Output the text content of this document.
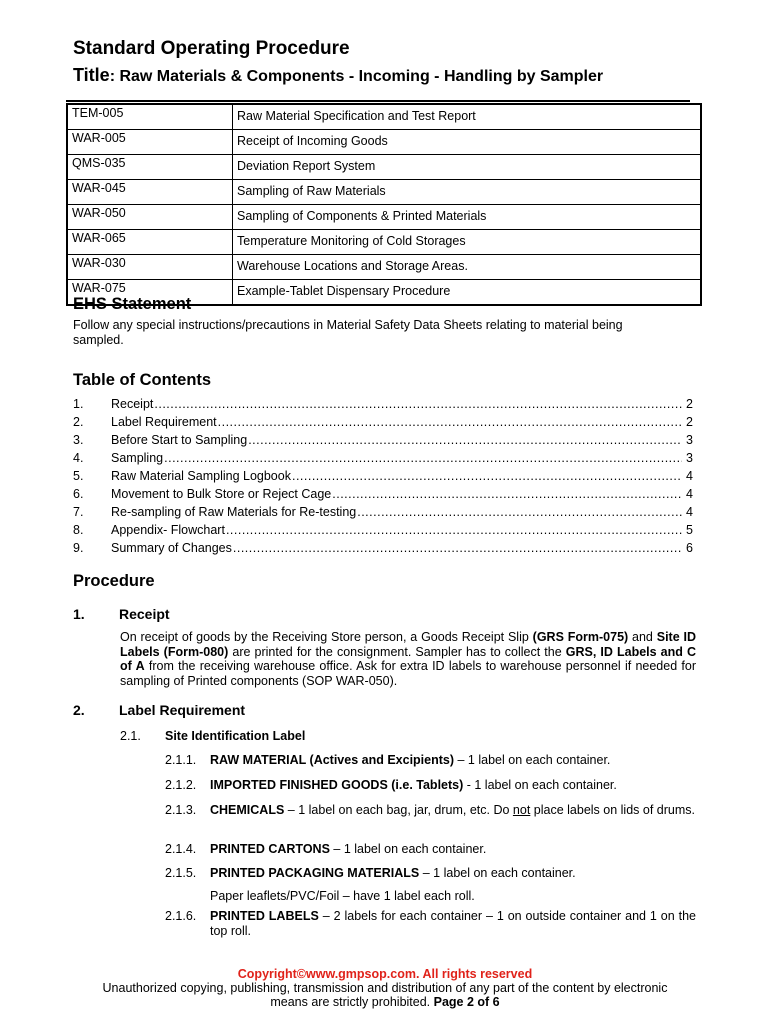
Standard Operating Procedure
Title: Raw Materials & Components - Incoming - Handling by Sampler
TEM-005	Raw Material Specification and Test Report
WAR-005	Receipt of Incoming Goods
QMS-035	Deviation Report System
WAR-045	Sampling of Raw Materials
WAR-050	Sampling of Components & Printed Materials
WAR-065	Temperature Monitoring of Cold Storages
WAR-030	Warehouse Locations and Storage Areas.
WAR-075	Example-Tablet Dispensary Procedure
EHS Statement
Follow any special instructions/precautions in Material Safety Data Sheets relating to material being sampled.
Table of Contents
1.	Receipt .....	2
2.	Label Requirement .....	2
3.	Before Start to Sampling .....	3
4.	Sampling .....	3
5.	Raw Material Sampling Logbook .....	4
6.	Movement to Bulk Store or Reject Cage .....	4
7.	Re-sampling of Raw Materials for Re-testing .....	4
8.	Appendix- Flowchart .....	5
9.	Summary of Changes .....	6
Procedure
1. Receipt
On receipt of goods by the Receiving Store person, a Goods Receipt Slip (GRS Form-075) and Site ID Labels (Form-080) are printed for the consignment. Sampler has to collect the GRS, ID Labels and C of A from the receiving warehouse office. Ask for extra ID labels to warehouse personnel if needed for sampling of Printed components (SOP WAR-050).
2. Label Requirement
2.1. Site Identification Label
2.1.1. RAW MATERIAL (Actives and Excipients) – 1 label on each container.
2.1.2. IMPORTED FINISHED GOODS (i.e. Tablets) - 1 label on each container.
2.1.3. CHEMICALS – 1 label on each bag, jar, drum, etc. Do not place labels on lids of drums.
2.1.4. PRINTED CARTONS – 1 label on each container.
2.1.5. PRINTED PACKAGING MATERIALS – 1 label on each container.
Paper leaflets/PVC/Foil – have 1 label each roll.
2.1.6. PRINTED LABELS – 2 labels for each container – 1 on outside container and 1 on the top roll.
Copyright©www.gmpsop.com. All rights reserved
Unauthorized copying, publishing, transmission and distribution of any part of the content by electronic
means are strictly prohibited. Page 2 of 6
